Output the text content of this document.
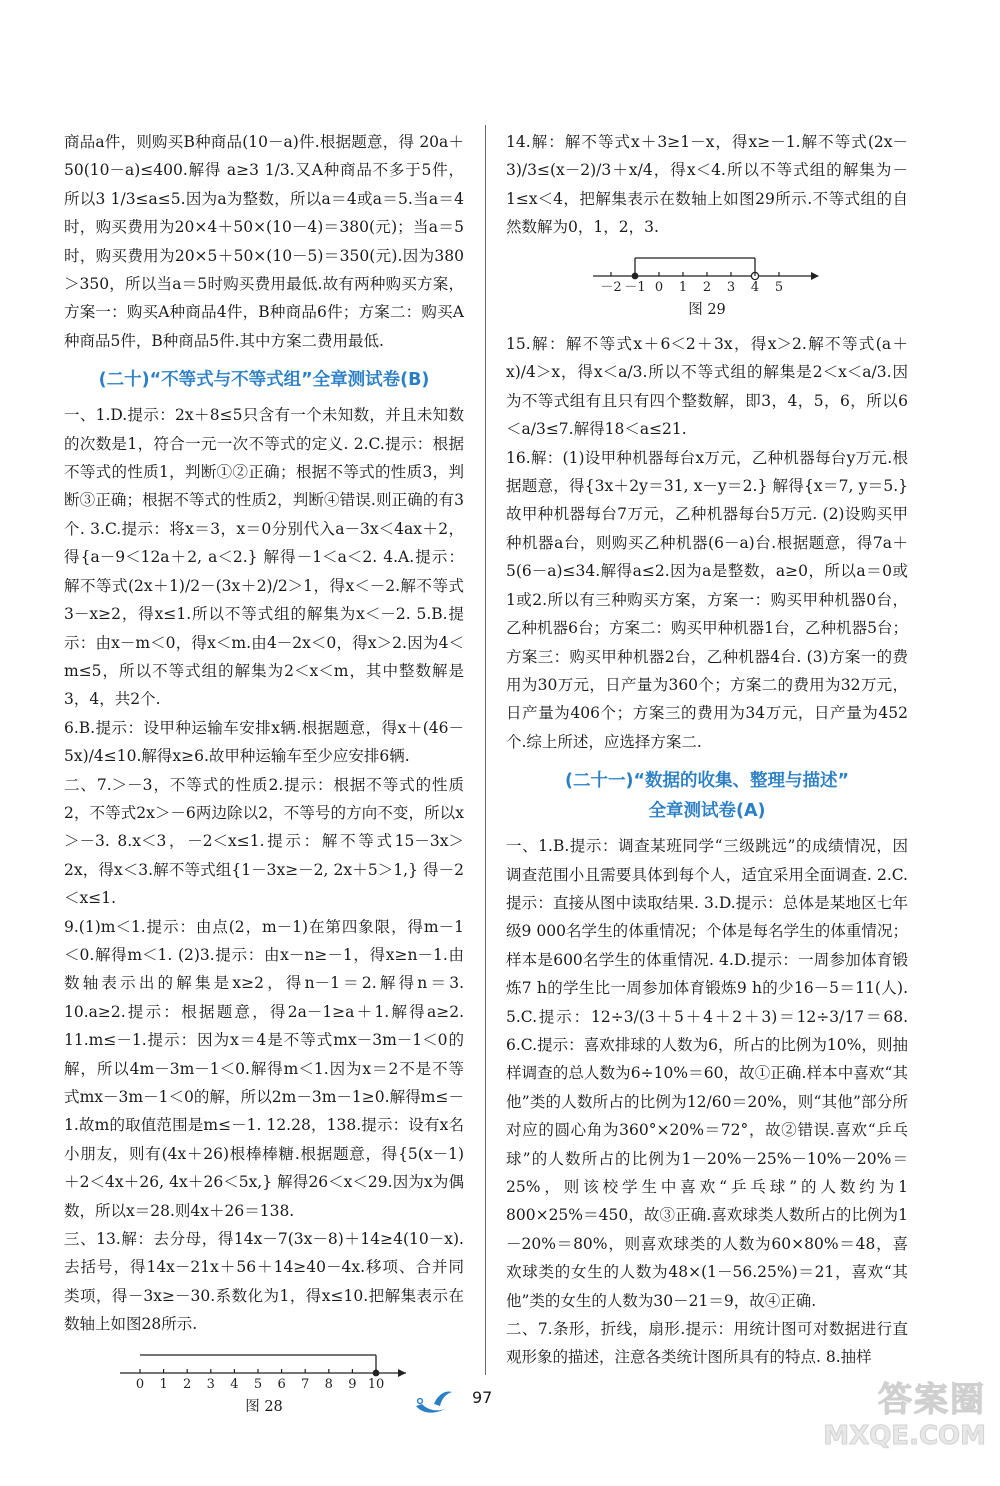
商品a件，则购买B种商品(10－a)件.根据题意，得 20a＋50(10－a)≤400.解得 a≥3 1/3.又A种商品不多于5件，所以3 1/3≤a≤5.因为a为整数，所以a＝4或a＝5.当a＝4时，购买费用为20×4＋50×(10－4)＝380(元)；当a＝5时，购买费用为20×5＋50×(10－5)＝350(元).因为380＞350，所以当a＝5时购买费用最低.故有两种购买方案，方案一：购买A种商品4件，B种商品6件；方案二：购买A种商品5件，B种商品5件.其中方案二费用最低.

(二十)“不等式与不等式组”全章测试卷(B)

一、1.D.提示：2x＋8≤5只含有一个未知数，并且未知数的次数是1，符合一元一次不等式的定义. 2.C.提示：根据不等式的性质1，判断①②正确；根据不等式的性质3，判断③正确；根据不等式的性质2，判断④错误.则正确的有3个. 3.C.提示：将x＝3，x＝0分别代入a－3x＜4ax＋2，得{a－9＜12a＋2, a＜2.} 解得－1＜a＜2. 4.A.提示：解不等式(2x＋1)/2－(3x＋2)/2＞1，得x＜－2.解不等式3－x≥2，得x≤1.所以不等式组的解集为x＜－2. 5.B.提示：由x－m＜0，得x＜m.由4－2x＜0，得x＞2.因为4＜m≤5，所以不等式组的解集为2＜x＜m，其中整数解是3，4，共2个.

6.B.提示：设甲种运输车安排x辆.根据题意，得x＋(46－5x)/4≤10.解得x≥6.故甲种运输车至少应安排6辆.

二、7.＞－3，不等式的性质2.提示：根据不等式的性质2，不等式2x＞－6两边除以2，不等号的方向不变，所以x＞－3. 8.x＜3，－2＜x≤1.提示：解不等式15－3x＞2x，得x＜3.解不等式组{1－3x≥－2, 2x＋5＞1,} 得－2＜x≤1.

9.(1)m＜1.提示：由点(2，m－1)在第四象限，得m－1＜0.解得m＜1. (2)3.提示：由x－n≥－1，得x≥n－1.由数轴表示出的解集是x≥2，得n－1＝2.解得n＝3. 10.a≥2.提示：根据题意，得2a－1≥a＋1.解得a≥2. 11.m≤－1.提示：因为x＝4是不等式mx－3m－1＜0的解，所以4m－3m－1＜0.解得m＜1.因为x＝2不是不等式mx－3m－1＜0的解，所以2m－3m－1≥0.解得m≤－1.故m的取值范围是m≤－1. 12.28，138.提示：设有x名小朋友，则有(4x＋26)根棒棒糖.根据题意，得{5(x－1)＋2＜4x＋26, 4x＋26＜5x,} 解得26＜x＜29.因为x为偶数，所以x＝28.则4x＋26＝138.

三、13.解：去分母，得14x－7(3x－8)＋14≥4(10－x).去括号，得14x－21x＋56＋14≥40－4x.移项、合并同类项，得－3x≥－30.系数化为1，得x≤10.把解集表示在数轴上如图28所示.

0 1 2 3 4 5 6 7 8 9 10
图 28

14.解：解不等式x＋3≥1－x，得x≥－1.解不等式(2x－3)/3≤(x－2)/3＋x/4，得x＜4.所以不等式组的解集为－1≤x＜4，把解集表示在数轴上如图29所示.不等式组的自然数解为0，1，2，3.

－2 －1 0 1 2 3 4 5
图 29

15.解：解不等式x＋6＜2＋3x，得x＞2.解不等式(a＋x)/4＞x，得x＜a/3.所以不等式组的解集是2＜x＜a/3.因为不等式组有且只有四个整数解，即3，4，5，6，所以6＜a/3≤7.解得18＜a≤21.

16.解：(1)设甲种机器每台x万元，乙种机器每台y万元.根据题意，得{3x＋2y＝31, x－y＝2.} 解得{x＝7, y＝5.} 故甲种机器每台7万元，乙种机器每台5万元. (2)设购买甲种机器a台，则购买乙种机器(6－a)台.根据题意，得7a＋5(6－a)≤34.解得a≤2.因为a是整数，a≥0，所以a＝0或1或2.所以有三种购买方案，方案一：购买甲种机器0台，乙种机器6台；方案二：购买甲种机器1台，乙种机器5台；方案三：购买甲种机器2台，乙种机器4台. (3)方案一的费用为30万元，日产量为360个；方案二的费用为32万元，日产量为406个；方案三的费用为34万元，日产量为452个.综上所述，应选择方案二.

(二十一)“数据的收集、整理与描述”
全章测试卷(A)

一、1.B.提示：调查某班同学“三级跳远”的成绩情况，因调查范围小且需要具体到每个人，适宜采用全面调查. 2.C.提示：直接从图中读取结果. 3.D.提示：总体是某地区七年级9 000名学生的体重情况；个体是每名学生的体重情况；样本是600名学生的体重情况. 4.D.提示：一周参加体育锻炼7 h的学生比一周参加体育锻炼9 h的少16－5＝11(人). 5.C.提示：12÷3/(3＋5＋4＋2＋3)＝12÷3/17＝68. 6.C.提示：喜欢排球的人数为6，所占的比例为10%，则抽样调查的总人数为6÷10%＝60，故①正确.样本中喜欢“其他”类的人数所占的比例为12/60＝20%，则“其他”部分所对应的圆心角为360°×20%＝72°，故②错误.喜欢“乒乓球”的人数所占的比例为1－20%－25%－10%－20%＝25%，则该校学生中喜欢“乒乓球”的人数约为1 800×25%＝450，故③正确.喜欢球类人数所占的比例为1－20%＝80%，则喜欢球类的人数为60×80%＝48，喜欢球类的女生的人数为48×(1－56.25%)＝21，喜欢“其他”类的女生的人数为30－21＝9，故④正确.

二、7.条形，折线，扇形.提示：用统计图可对数据进行直观形象的描述，注意各类统计图所具有的特点. 8.抽样

97	答案圈
MXQE.COM
